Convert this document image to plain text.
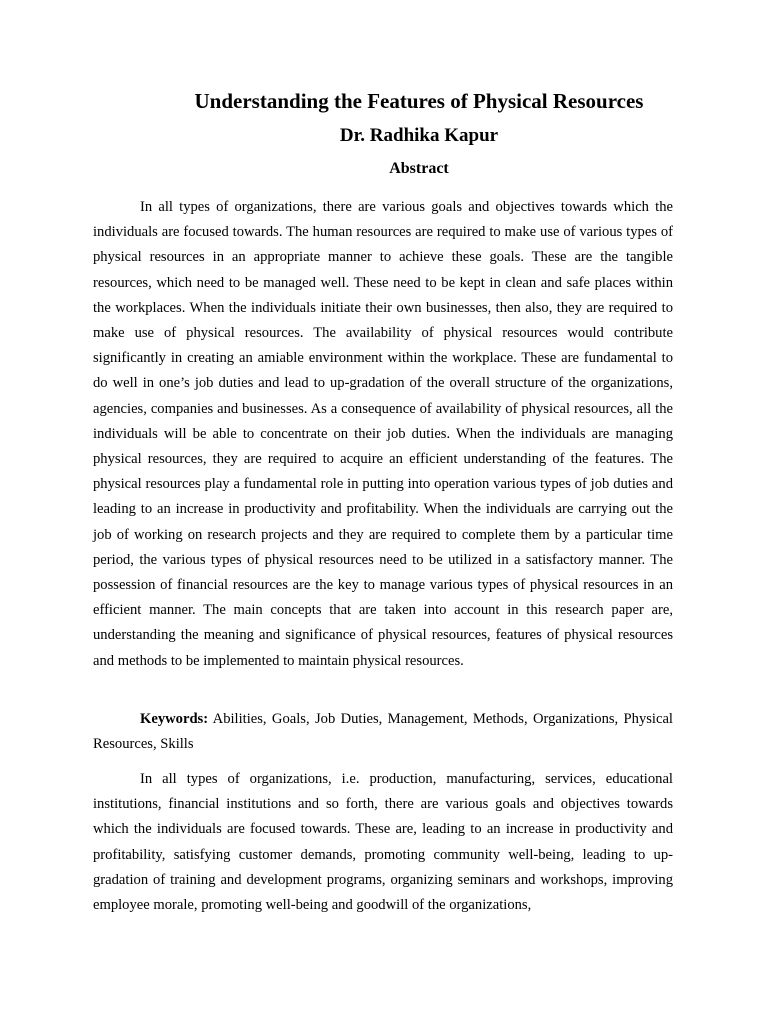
Understanding the Features of Physical Resources
Dr. Radhika Kapur
Abstract

In all types of organizations, there are various goals and objectives towards which the individuals are focused towards. The human resources are required to make use of various types of physical resources in an appropriate manner to achieve these goals. These are the tangible resources, which need to be managed well. These need to be kept in clean and safe places within the workplaces. When the individuals initiate their own businesses, then also, they are required to make use of physical resources. The availability of physical resources would contribute significantly in creating an amiable environment within the workplace. These are fundamental to do well in one’s job duties and lead to up-gradation of the overall structure of the organizations, agencies, companies and businesses. As a consequence of availability of physical resources, all the individuals will be able to concentrate on their job duties. When the individuals are managing physical resources, they are required to acquire an efficient understanding of the features. The physical resources play a fundamental role in putting into operation various types of job duties and leading to an increase in productivity and profitability. When the individuals are carrying out the job of working on research projects and they are required to complete them by a particular time period, the various types of physical resources need to be utilized in a satisfactory manner. The possession of financial resources are the key to manage various types of physical resources in an efficient manner. The main concepts that are taken into account in this research paper are, understanding the meaning and significance of physical resources, features of physical resources and methods to be implemented to maintain physical resources.

Keywords: Abilities, Goals, Job Duties, Management, Methods, Organizations, Physical Resources, Skills

In all types of organizations, i.e. production, manufacturing, services, educational institutions, financial institutions and so forth, there are various goals and objectives towards which the individuals are focused towards. These are, leading to an increase in productivity and profitability, satisfying customer demands, promoting community well-being, leading to up-gradation of training and development programs, organizing seminars and workshops, improving employee morale, promoting well-being and goodwill of the organizations,
